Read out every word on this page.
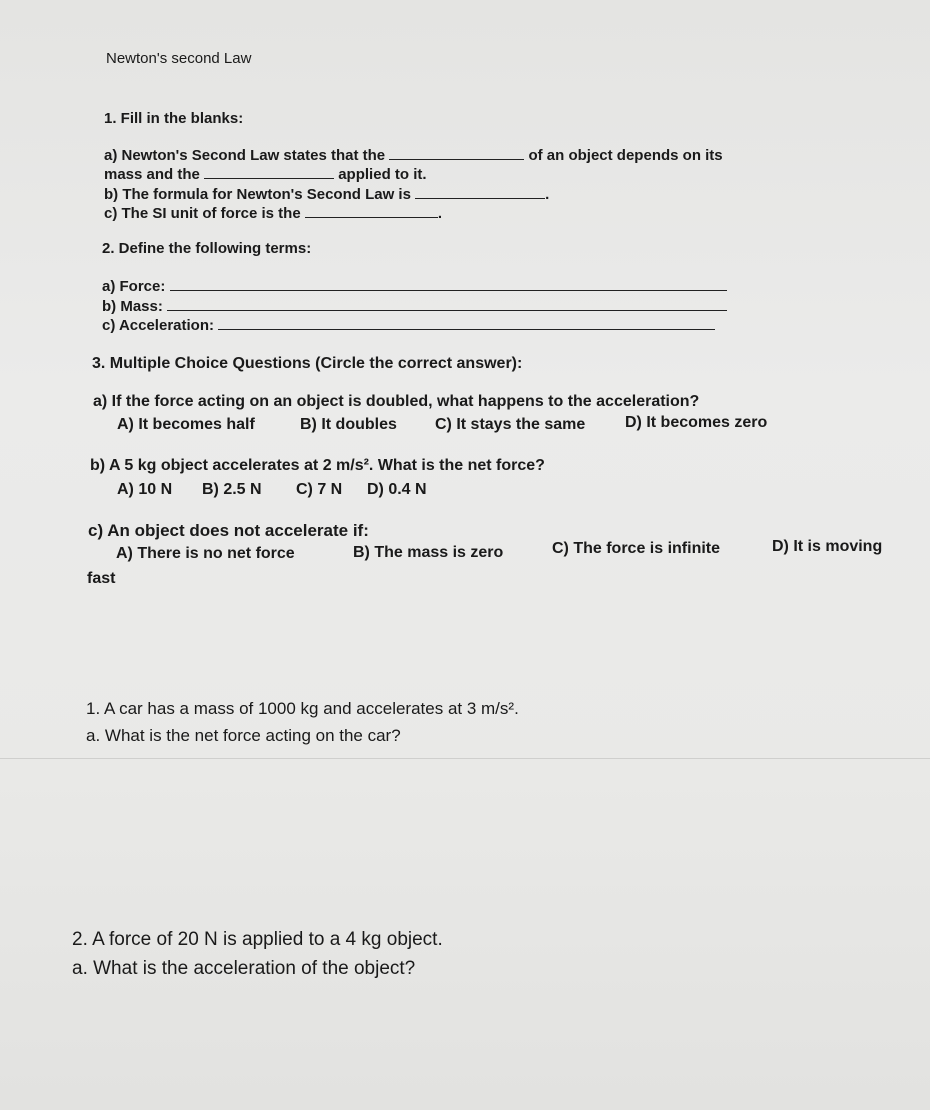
Newton's second Law

1. Fill in the blanks:

a) Newton's Second Law states that the	of an object depends on its

mass and the	applied to it.

b) The formula for Newton's Second Law is	.

c) The SI unit of force is the	.

2. Define the following terms:

a) Force:

b) Mass:

c) Acceleration:

3. Multiple Choice Questions (Circle the correct answer):

a) If the force acting on an object is doubled, what happens to the acceleration?

A) It becomes half	B) It doubles C) It stays the same D) It becomes zero

b) A 5 kg object accelerates at 2 m/s². What is the net force?

A) 10 N B) 2.5 N C) 7 N D) 0.4 N

c) An object does not accelerate if:

A) There is no net force	B) The mass is zero	C) The force is infinite	D) It is moving

fast

1. A car has a mass of 1000 kg and accelerates at 3 m/s².

a. What is the net force acting on the car?

2. A force of 20 N is applied to a 4 kg object.

a. What is the acceleration of the object?
